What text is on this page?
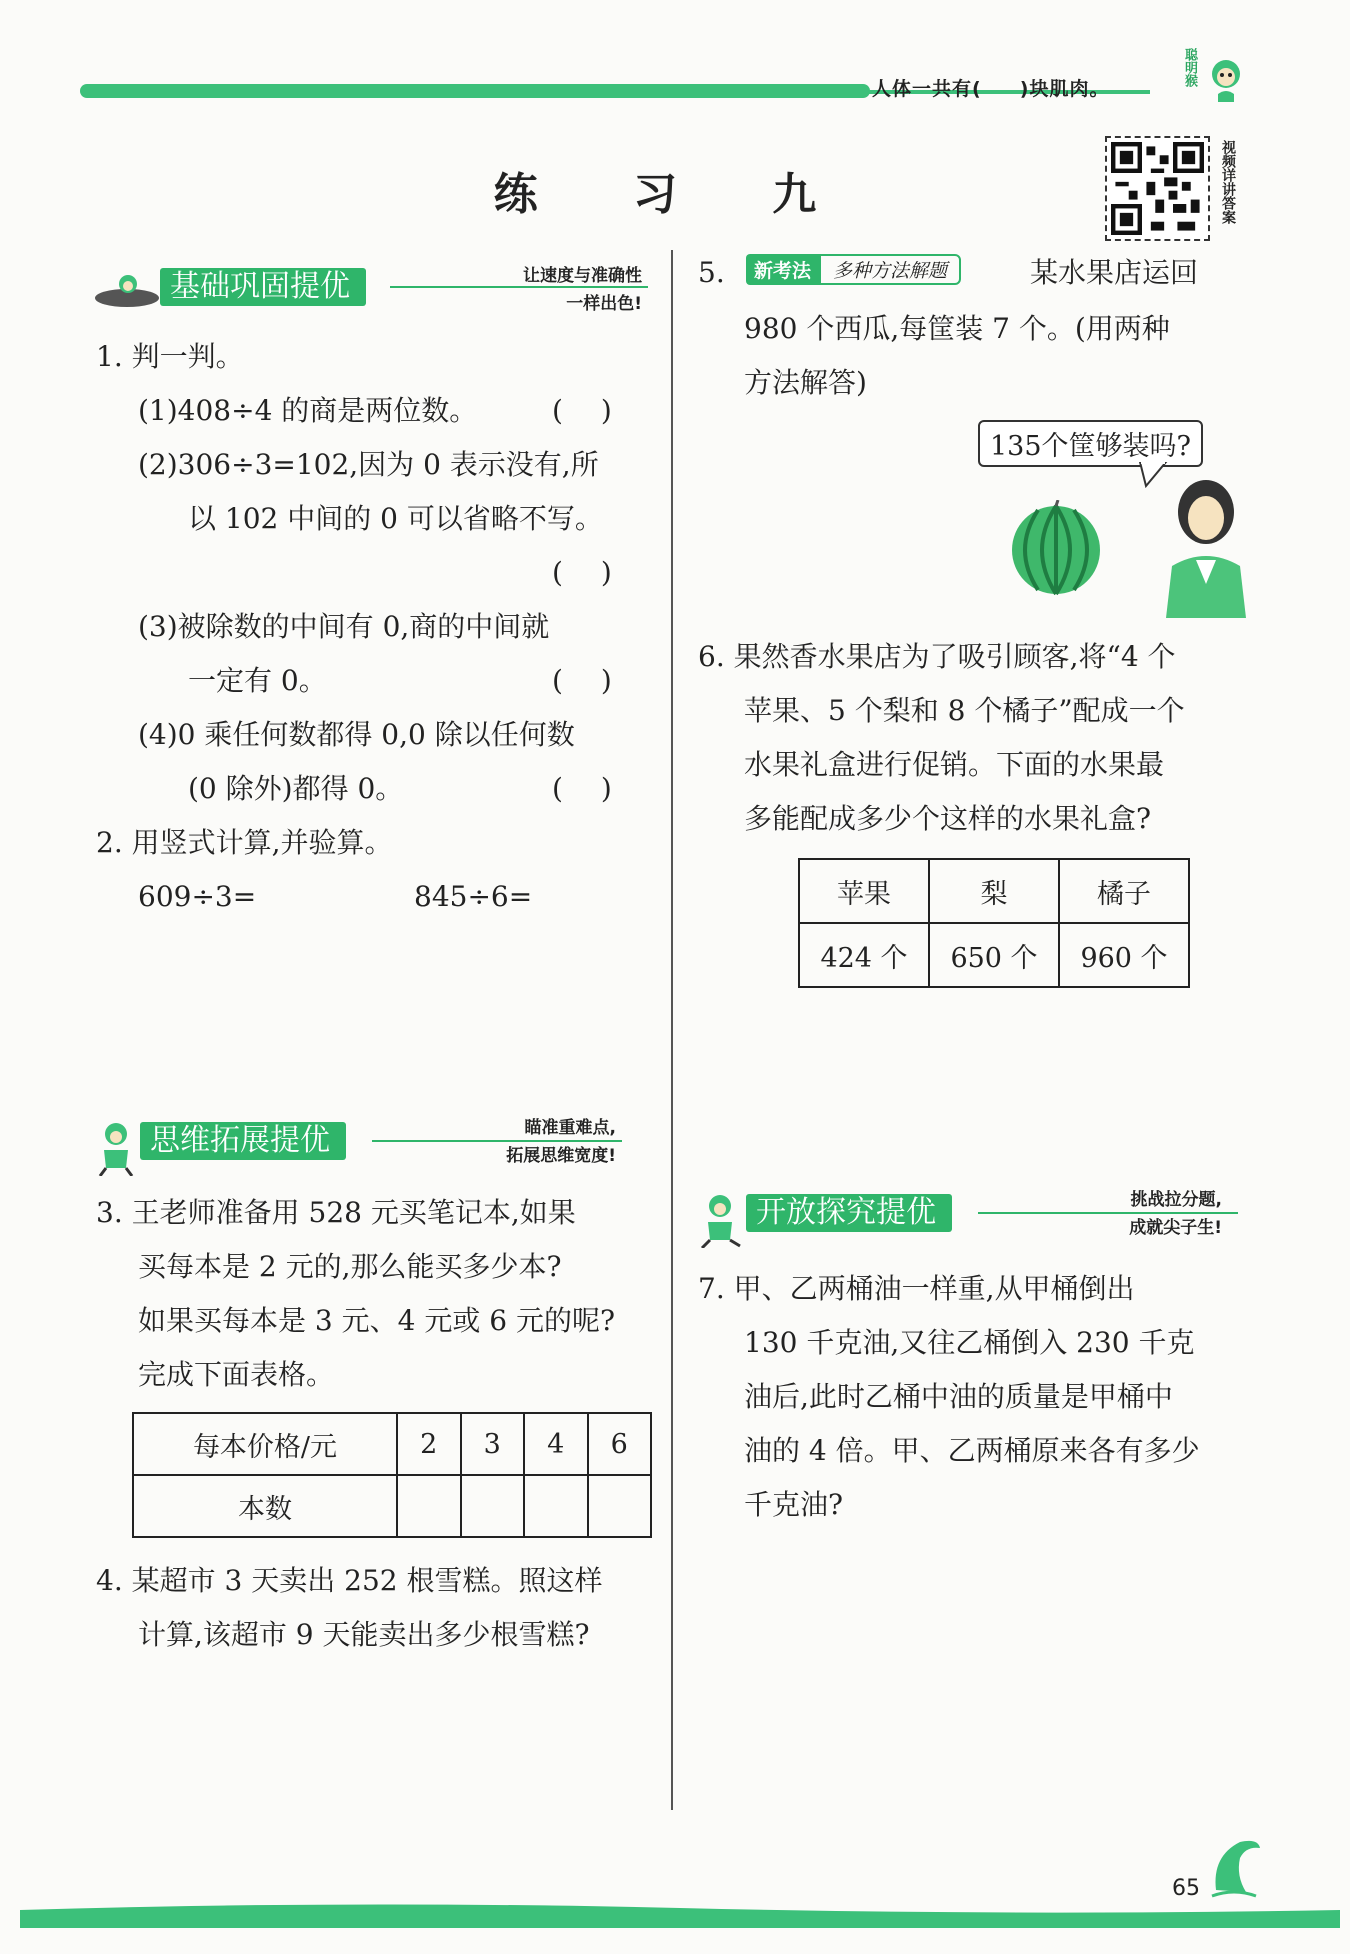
人体一共有(     )块肌肉。
聪明猴
练 习 九	视频详讲答案
基础巩固提优	让速度与准确性
一样出色!
1. 判一判。
(1)408÷4 的商是两位数。	()
(2)306÷3=102,因为 0 表示没有,所
以 102 中间的 0 可以省略不写。
()
(3)被除数的中间有 0,商的中间就
一定有 0。	()
(4)0 乘任何数都得 0,0 除以任何数
(0 除外)都得 0。	()
2. 用竖式计算,并验算。
609÷3=	845÷6=
思维拓展提优	瞄准重难点,
拓展思维宽度!
3. 王老师准备用 528 元买笔记本,如果
买每本是 2 元的,那么能买多少本?
如果买每本是 3 元、4 元或 6 元的呢?
完成下面表格。
每本价格/元	2	3	4	6
本数				
4. 某超市 3 天卖出 252 根雪糕。照这样
计算,该超市 9 天能卖出多少根雪糕?
5.	新考法	多种方法解题	某水果店运回
980 个西瓜,每筐装 7 个。(用两种
方法解答)
135个筐够装吗?
6. 果然香水果店为了吸引顾客,将“4 个
苹果、5 个梨和 8 个橘子”配成一个
水果礼盒进行促销。下面的水果最
多能配成多少个这样的水果礼盒?
苹果	梨	橘子
424 个	650 个	960 个
开放探究提优	挑战拉分题,
成就尖子生!
7. 甲、乙两桶油一样重,从甲桶倒出
130 千克油,又往乙桶倒入 230 千克
油后,此时乙桶中油的质量是甲桶中
油的 4 倍。甲、乙两桶原来各有多少
千克油?
65
